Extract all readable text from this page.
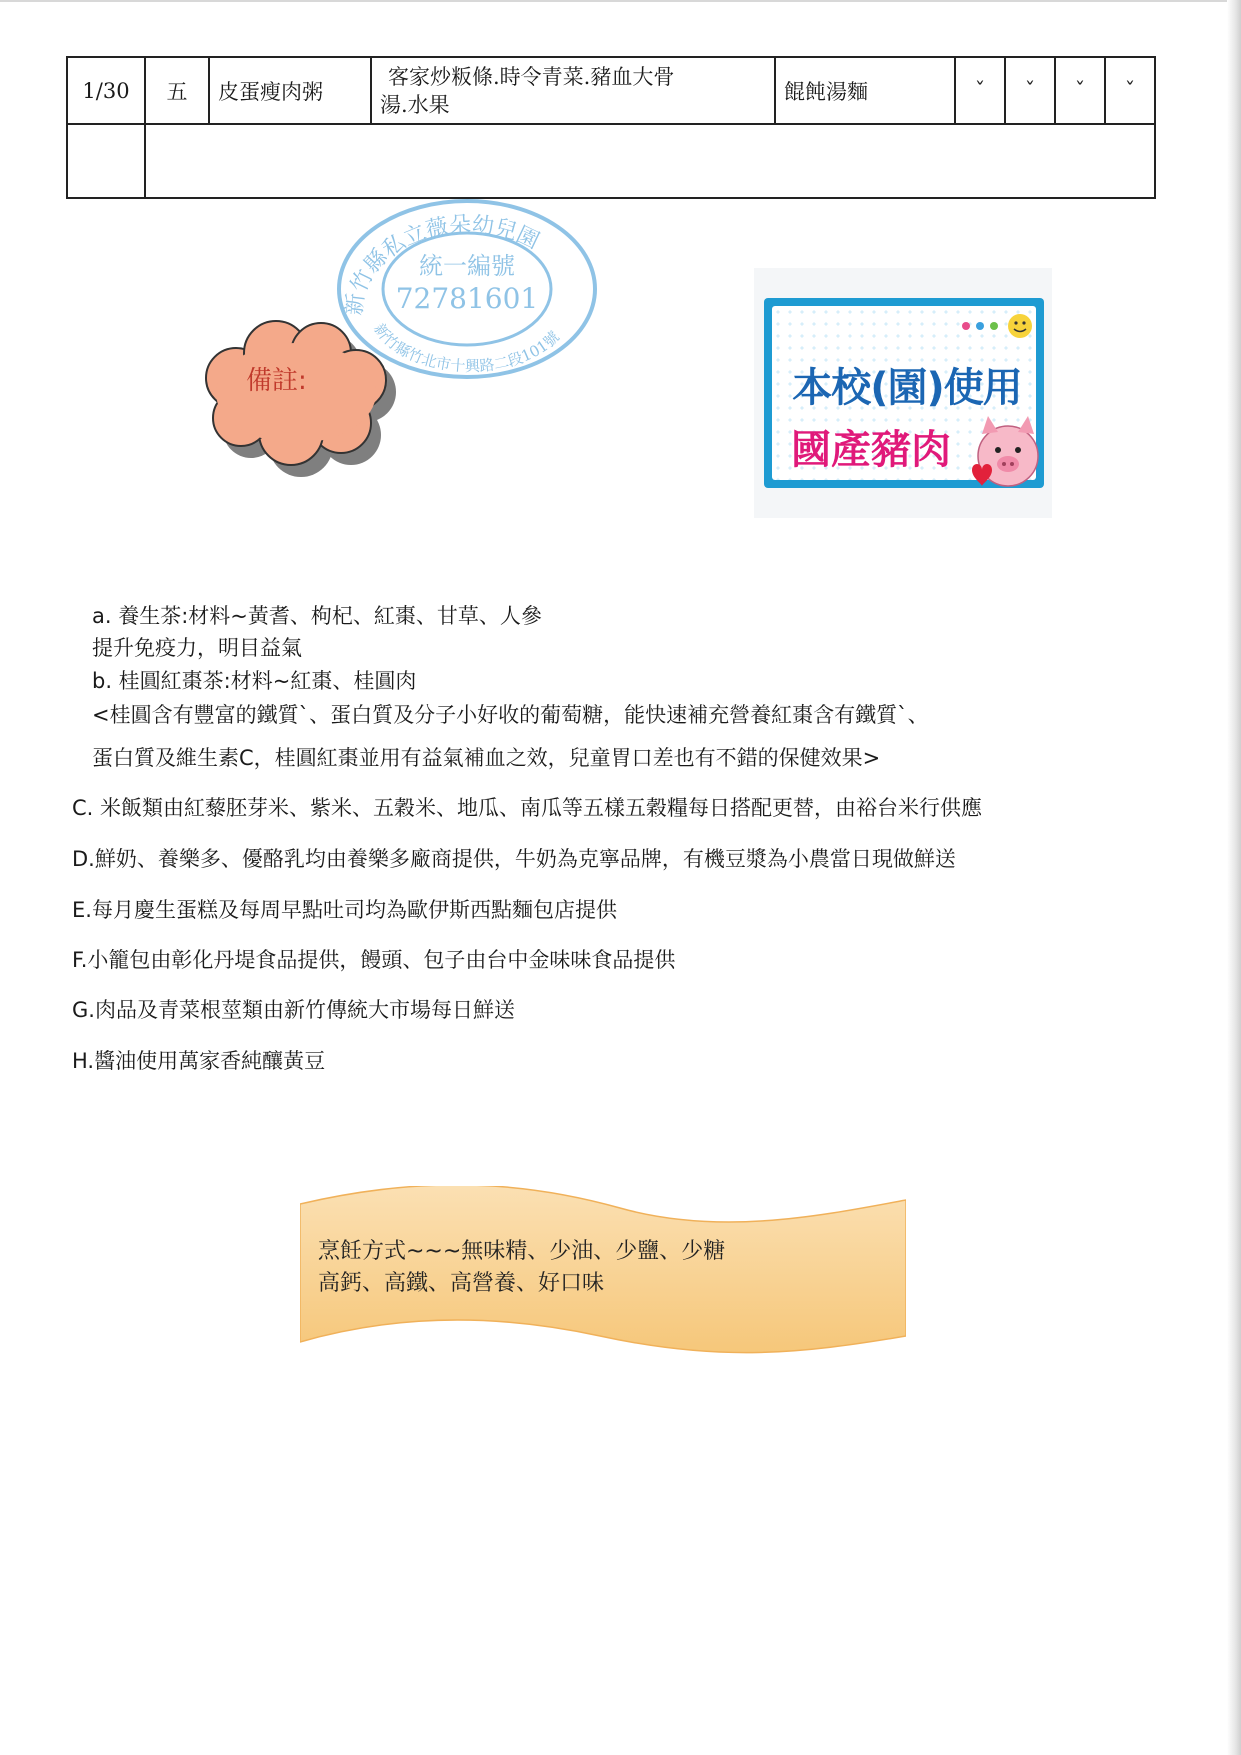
1/30	五	皮蛋瘦肉粥	客家炒粄條.時令青菜.豬血大骨
湯.水果	餛飩湯麵	ˇ	ˇ	ˇ	ˇ

新竹縣私立薇朵幼兒園
新竹縣竹北市十興路二段101號
統一編號
72781601
備註:	本校(園)使用
國產豬肉
a. 養生茶:材料~黃耆、枸杞、紅棗、甘草、人參
提升免疫力，明目益氣
b. 桂圓紅棗茶:材料~紅棗、桂圓肉
<桂圓含有豐富的鐵質`、蛋白質及分子小好收的葡萄糖，能快速補充營養紅棗含有鐵質`、
蛋白質及維生素C，桂圓紅棗並用有益氣補血之效，兒童胃口差也有不錯的保健效果>
C. 米飯類由紅藜胚芽米、紫米、五穀米、地瓜、南瓜等五樣五穀糧每日搭配更替，由裕台米行供應
D.鮮奶、養樂多、優酪乳均由養樂多廠商提供，牛奶為克寧品牌，有機豆漿為小農當日現做鮮送
E.每月慶生蛋糕及每周早點吐司均為歐伊斯西點麵包店提供
F.小籠包由彰化丹堤食品提供，饅頭、包子由台中金味味食品提供
G.肉品及青菜根莖類由新竹傳統大市場每日鮮送
H.醬油使用萬家香純釀黃豆
烹飪方式~~~無味精、少油、少鹽、少糖
高鈣、高鐵、高營養、好口味
